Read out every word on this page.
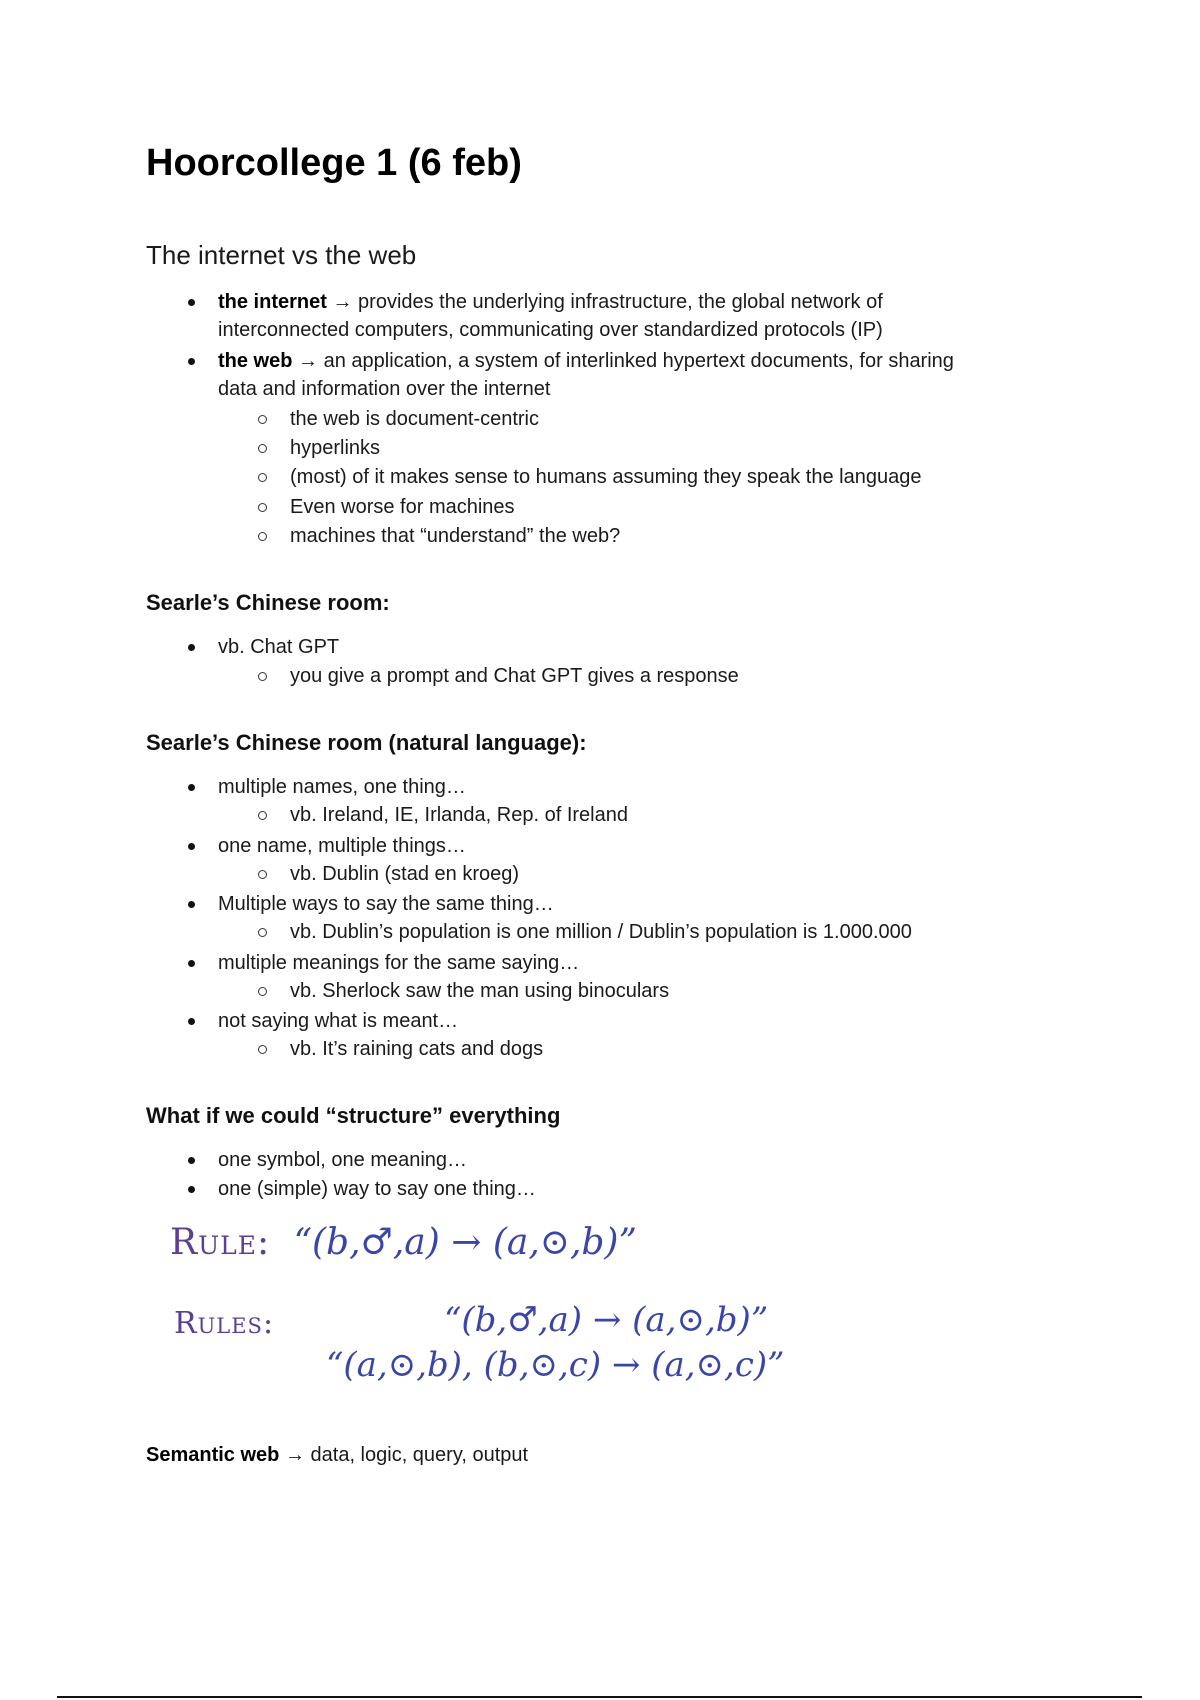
Hoorcollege 1 (6 feb)
The internet vs the web
the internet → provides the underlying infrastructure, the global network of
interconnected computers, communicating over standardized protocols (IP)
the web → an application, a system of interlinked hypertext documents, for sharing
data and information over the internet
the web is document-centric
hyperlinks
(most) of it makes sense to humans assuming they speak the language
Even worse for machines
machines that “understand” the web?
Searle’s Chinese room:
vb. Chat GPT
you give a prompt and Chat GPT gives a response
Searle’s Chinese room (natural language):
multiple names, one thing…
vb. Ireland, IE, Irlanda, Rep. of Ireland
one name, multiple things…
vb. Dublin (stad en kroeg)
Multiple ways to say the same thing…
vb. Dublin’s population is one million / Dublin’s population is 1.000.000
multiple meanings for the same saying…
vb. Sherlock saw the man using binoculars
not saying what is meant…
vb. It’s raining cats and dogs
What if we could “structure” everything
one symbol, one meaning…
one (simple) way to say one thing…
Rule: “(b,♂,a) → (a,⊙,b)”
Rules:	“(b,♂,a) → (a,⊙,b)”
“(a,⊙,b), (b,⊙,c) → (a,⊙,c)”
Semantic web → data, logic, query, output
